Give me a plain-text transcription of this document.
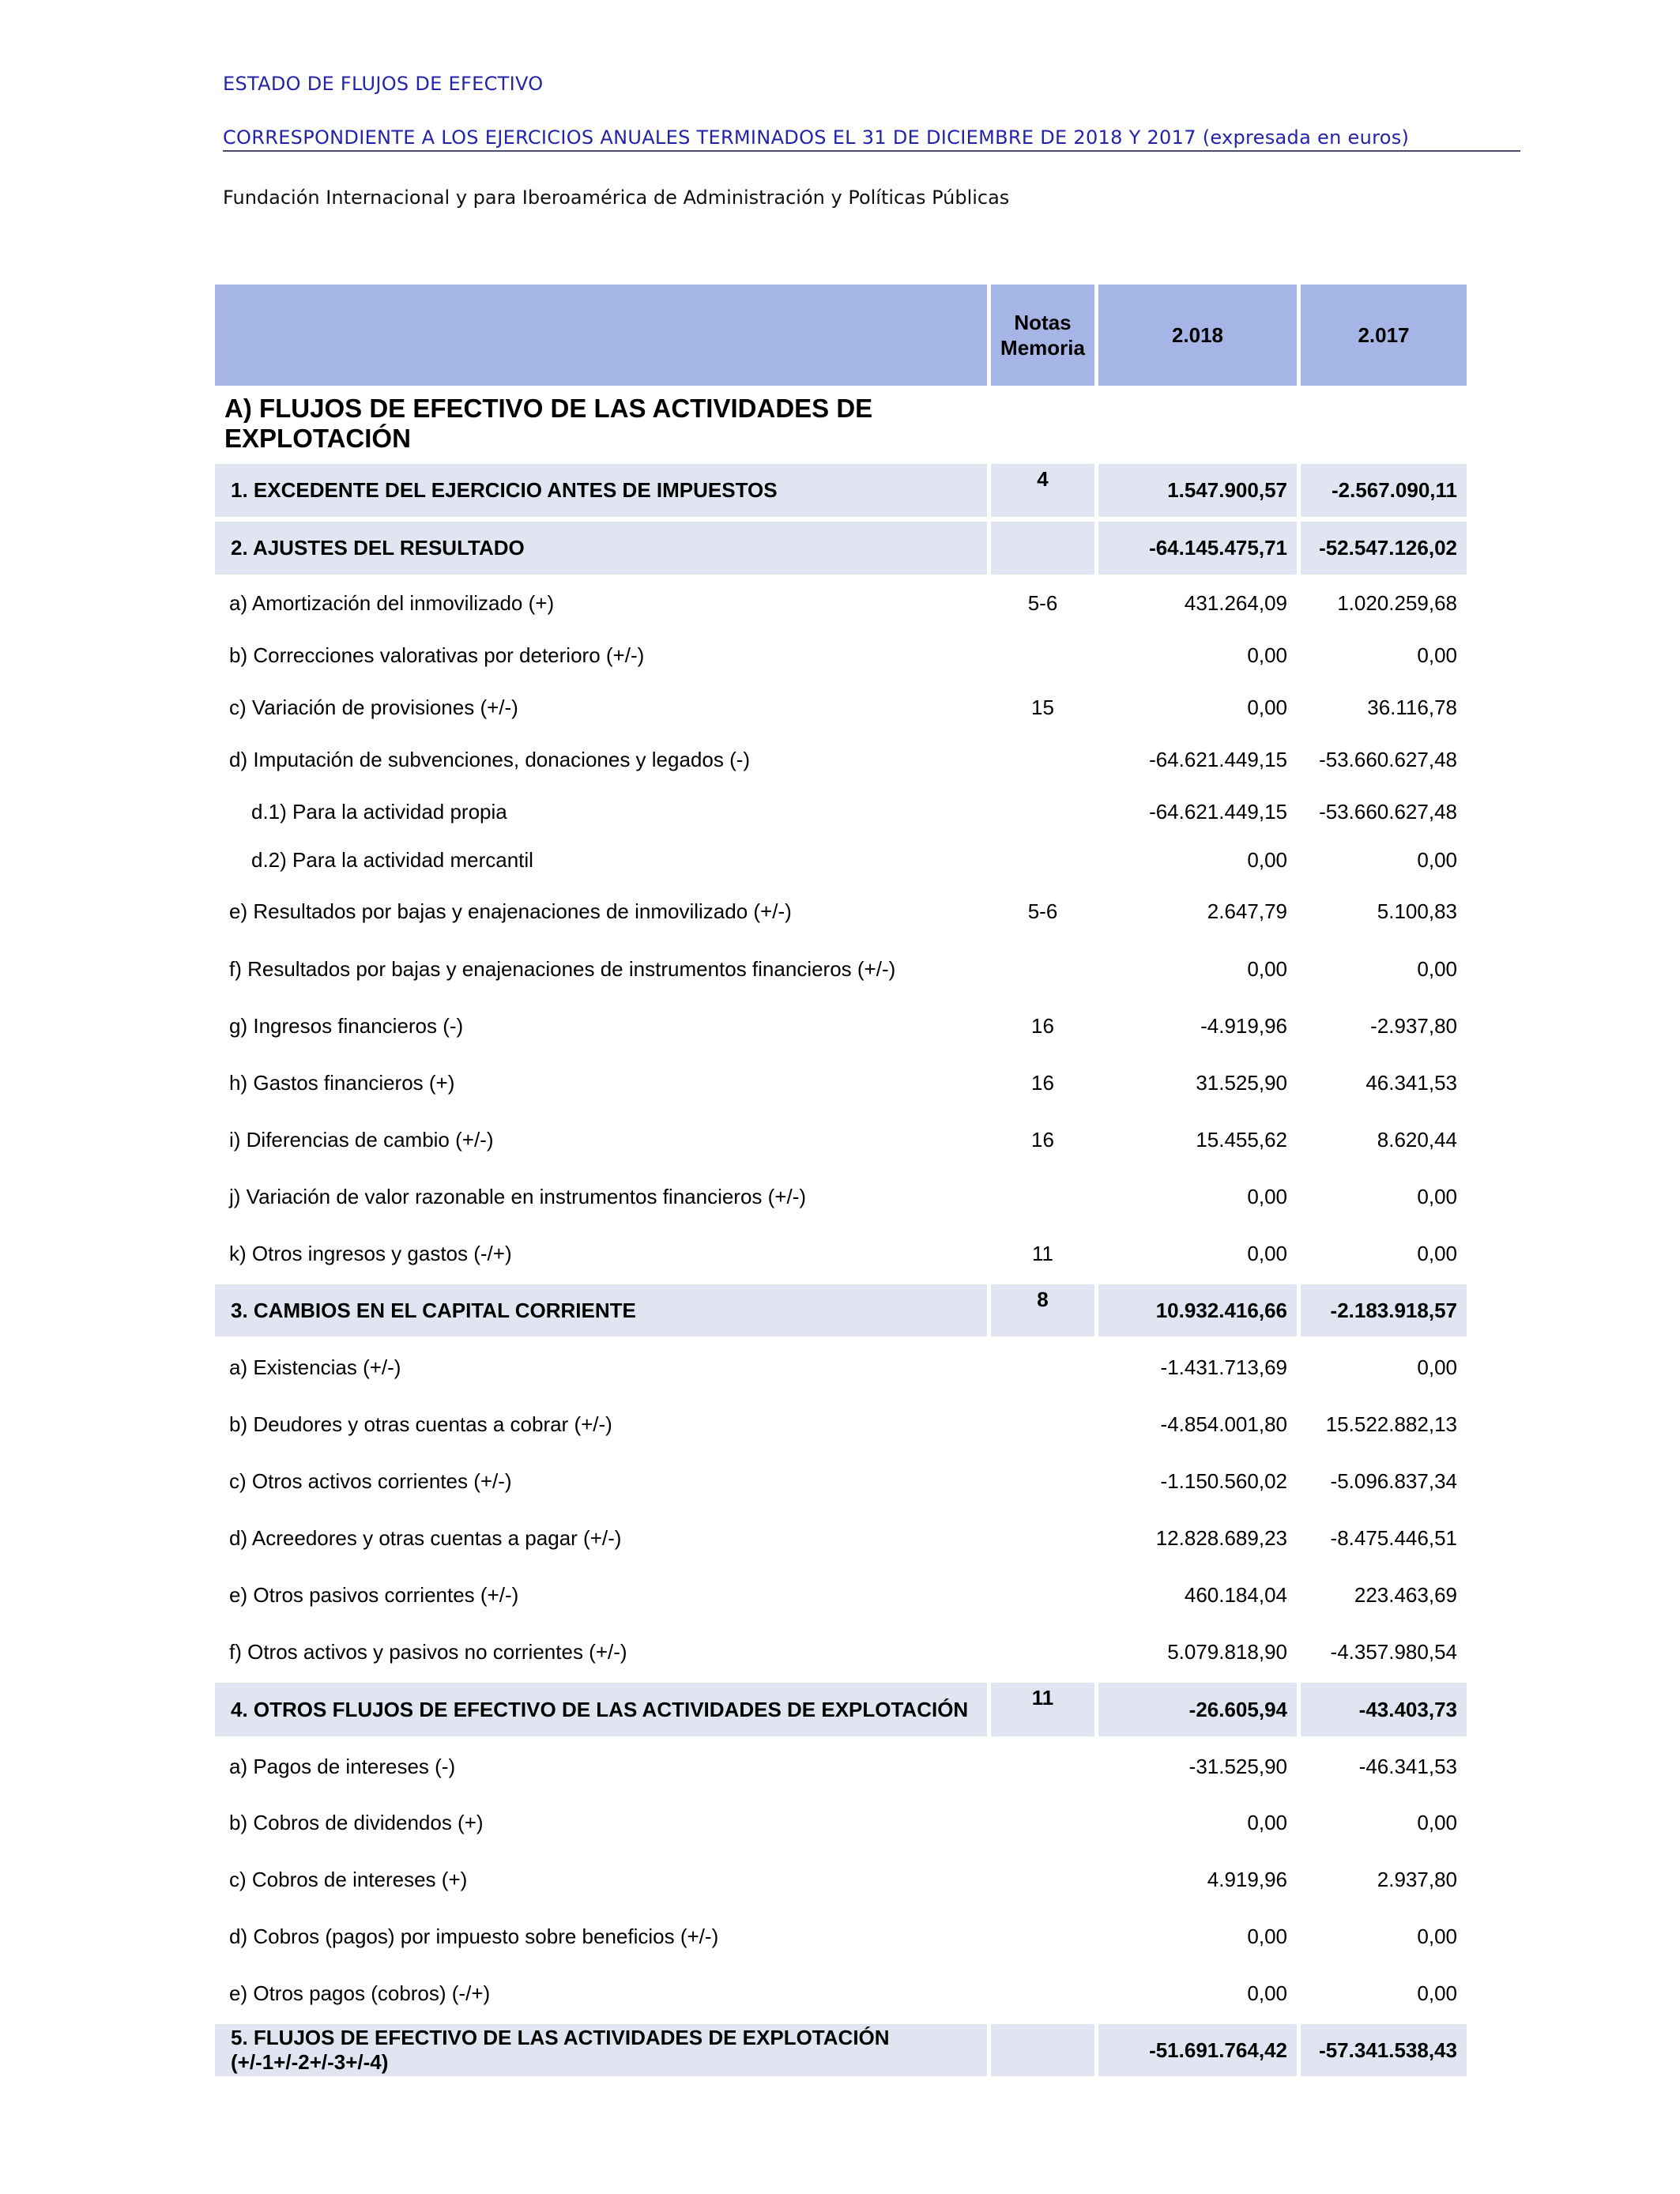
ESTADO DE FLUJOS DE EFECTIVO
CORRESPONDIENTE A LOS EJERCICIOS ANUALES TERMINADOS EL 31 DE DICIEMBRE DE 2018 Y 2017 (expresada en euros)
Fundación Internacional y para Iberoamérica de Administración y Políticas Públicas
	Notas
Memoria	2.018	2.017
A) FLUJOS DE EFECTIVO DE LAS ACTIVIDADES DE EXPLOTACIÓN			
1. EXCEDENTE DEL EJERCICIO ANTES DE IMPUESTOS	4	1.547.900,57	-2.567.090,11
2. AJUSTES DEL RESULTADO		-64.145.475,71	-52.547.126,02
a) Amortización del inmovilizado (+)	5-6	431.264,09	1.020.259,68
b) Correcciones valorativas por deterioro (+/-)		0,00	0,00
c) Variación de provisiones (+/-)	15	0,00	36.116,78
d) Imputación de subvenciones, donaciones y legados (-)		-64.621.449,15	-53.660.627,48
d.1) Para la actividad propia		-64.621.449,15	-53.660.627,48
d.2) Para la actividad mercantil		0,00	0,00
e) Resultados por bajas y enajenaciones de inmovilizado (+/-)	5-6	2.647,79	5.100,83
f) Resultados por bajas y enajenaciones de instrumentos financieros (+/-)		0,00	0,00
g) Ingresos financieros (-)	16	-4.919,96	-2.937,80
h) Gastos financieros (+)	16	31.525,90	46.341,53
i) Diferencias de cambio (+/-)	16	15.455,62	8.620,44
j) Variación de valor razonable en instrumentos financieros (+/-)		0,00	0,00
k) Otros ingresos y gastos (-/+)	11	0,00	0,00
3. CAMBIOS EN EL CAPITAL CORRIENTE	8	10.932.416,66	-2.183.918,57
a) Existencias (+/-)		-1.431.713,69	0,00
b) Deudores y otras cuentas a cobrar (+/-)		-4.854.001,80	15.522.882,13
c) Otros activos corrientes (+/-)		-1.150.560,02	-5.096.837,34
d) Acreedores y otras cuentas a pagar (+/-)		12.828.689,23	-8.475.446,51
e) Otros pasivos corrientes (+/-)		460.184,04	223.463,69
f) Otros activos y pasivos no corrientes (+/-)		5.079.818,90	-4.357.980,54
4. OTROS FLUJOS DE EFECTIVO DE LAS ACTIVIDADES DE EXPLOTACIÓN	11	-26.605,94	-43.403,73
a) Pagos de intereses (-)		-31.525,90	-46.341,53
b) Cobros de dividendos (+)		0,00	0,00
c) Cobros de intereses (+)		4.919,96	2.937,80
d) Cobros (pagos) por impuesto sobre beneficios (+/-)		0,00	0,00
e) Otros pagos (cobros) (-/+)		0,00	0,00
5. FLUJOS DE EFECTIVO DE LAS ACTIVIDADES DE EXPLOTACIÓN (+/-1+/-2+/-3+/-4)		-51.691.764,42	-57.341.538,43
